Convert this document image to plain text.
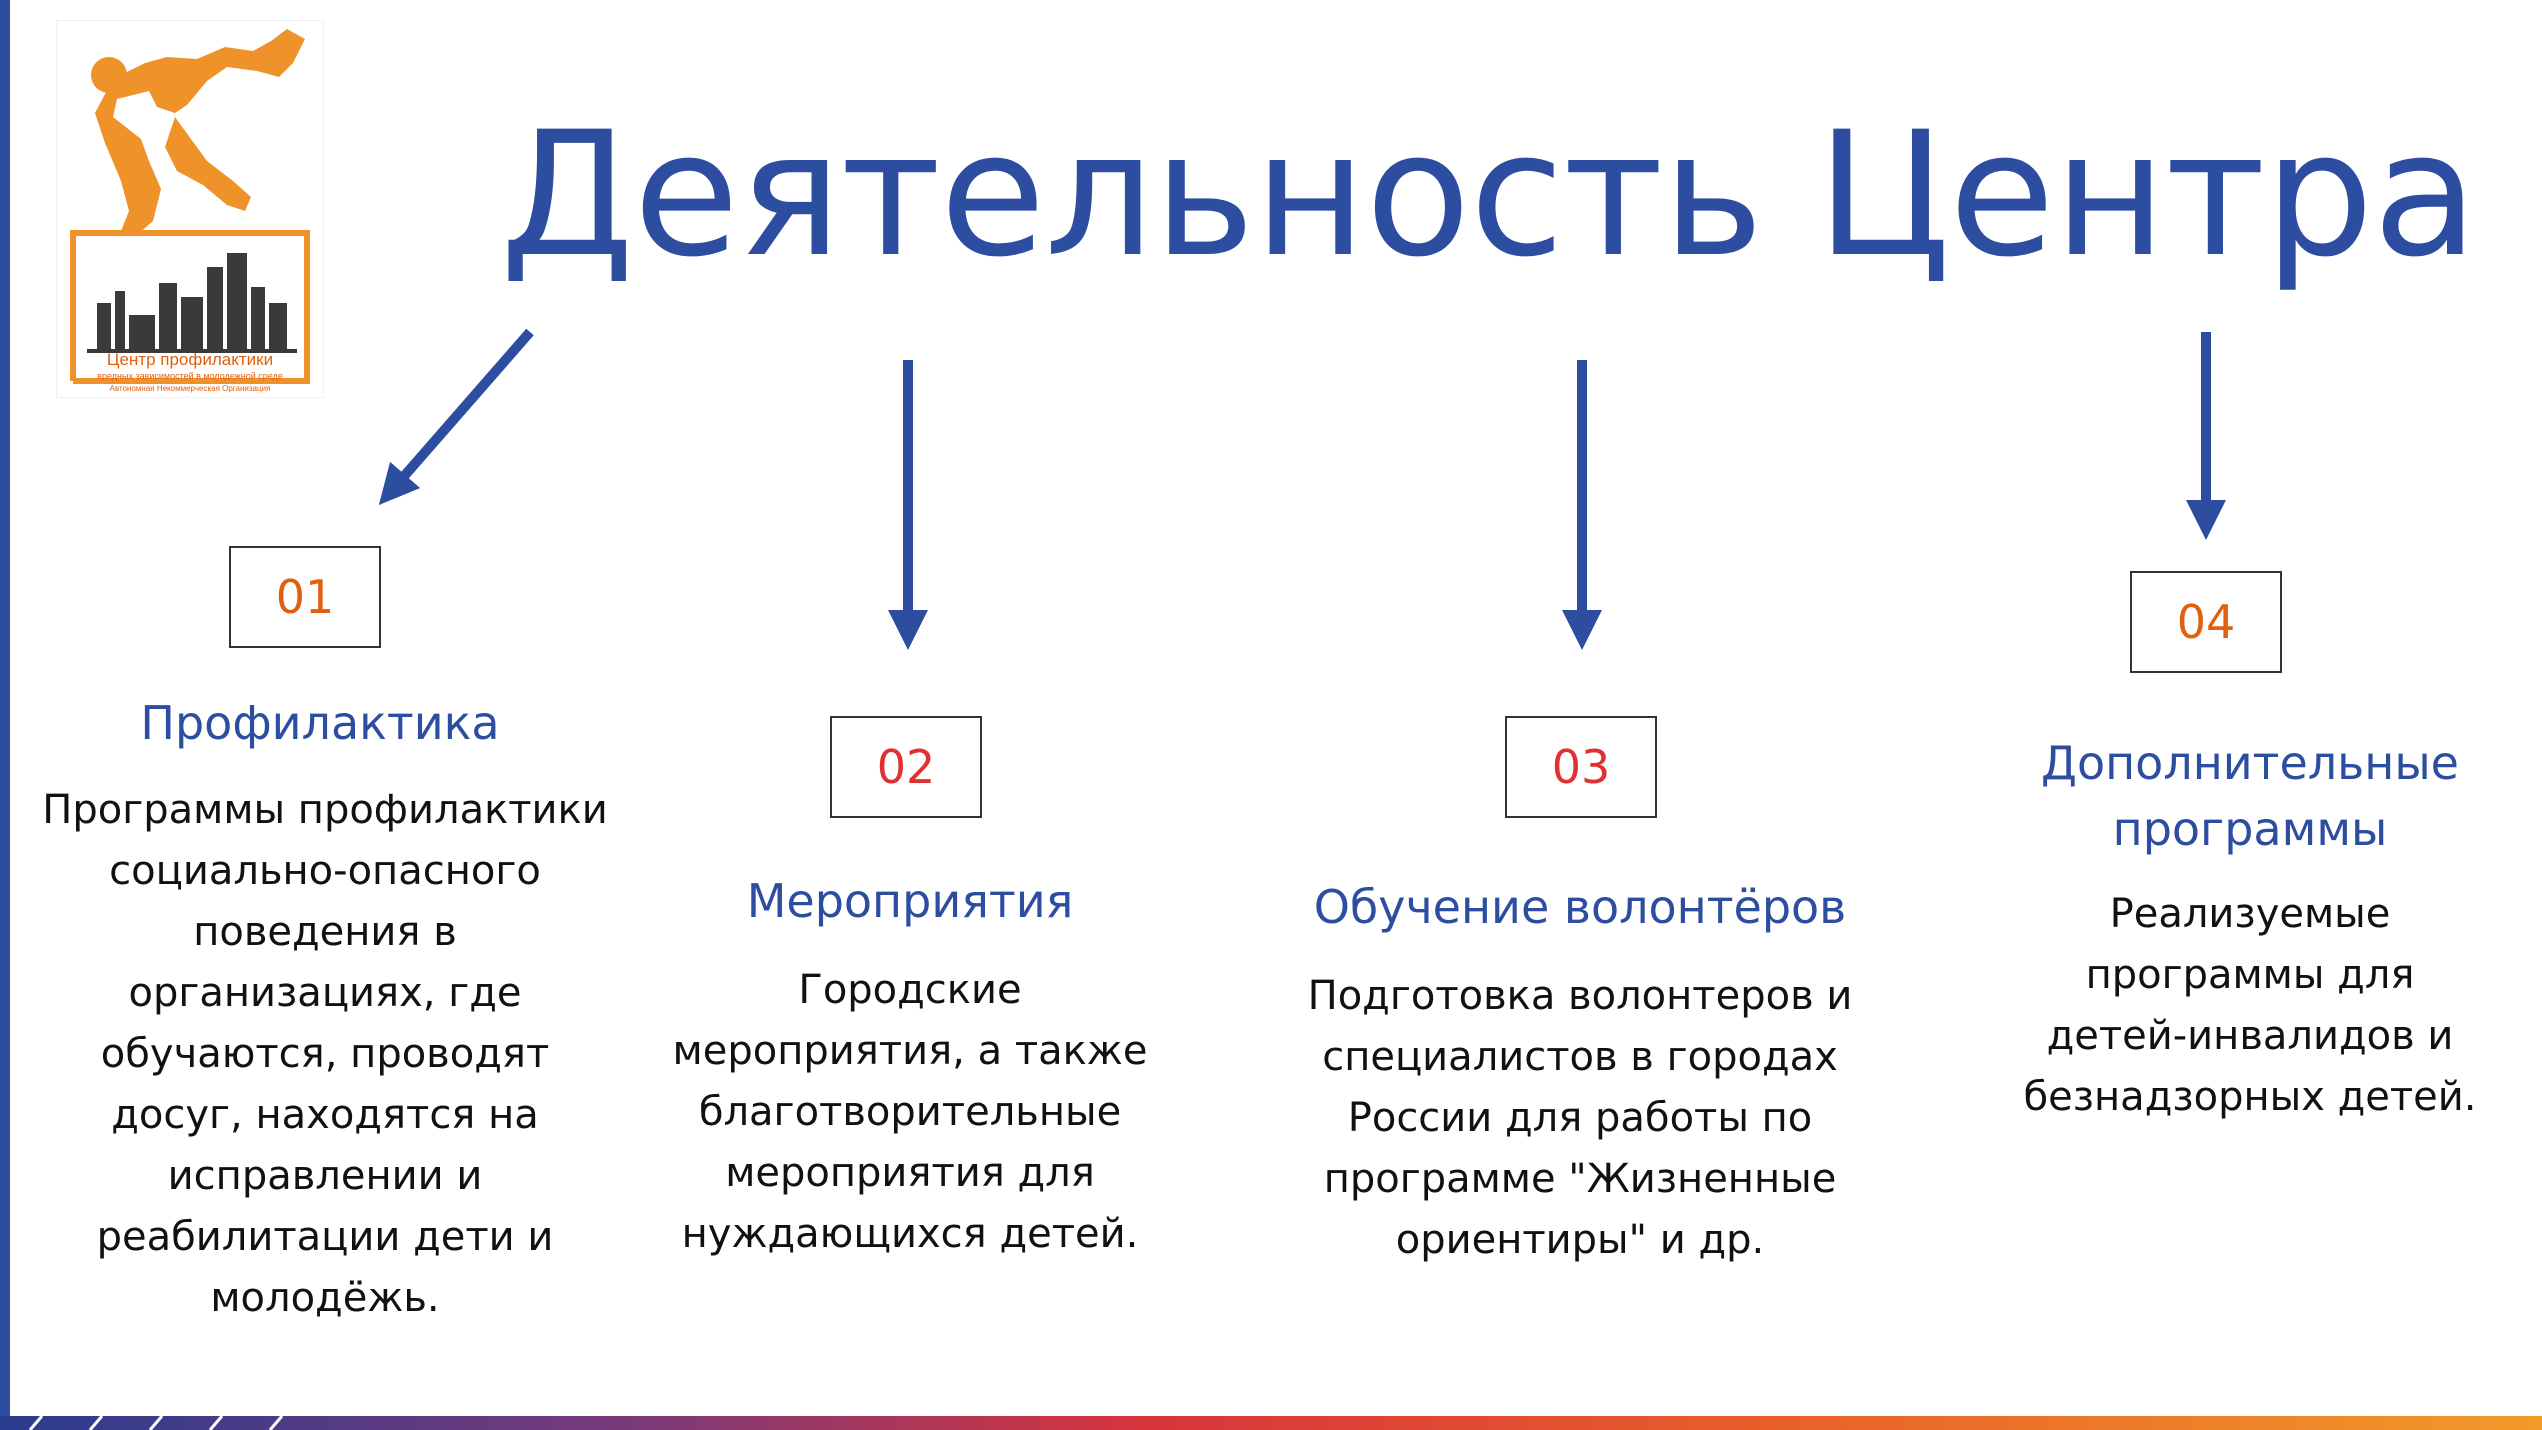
Центр профилактики
вредных зависимостей в молодежной среде
Автономная Некоммерческая Организация
Деятельность Центра
01
Профилактика
Программы профилактики
социально-опасного
поведения в
организациях, где
обучаются, проводят
досуг, находятся на
исправлении и
реабилитации дети и
молодёжь.
02
Мероприятия
Городские
мероприятия, а также
благотворительные
мероприятия для
нуждающихся детей.
03
Обучение волонтёров
Подготовка волонтеров и
специалистов в городах
России для работы по
программе "Жизненные
ориентиры" и др.
04
Дополнительные
программы
Реализуемые
программы для
детей-инвалидов и
безнадзорных детей.
